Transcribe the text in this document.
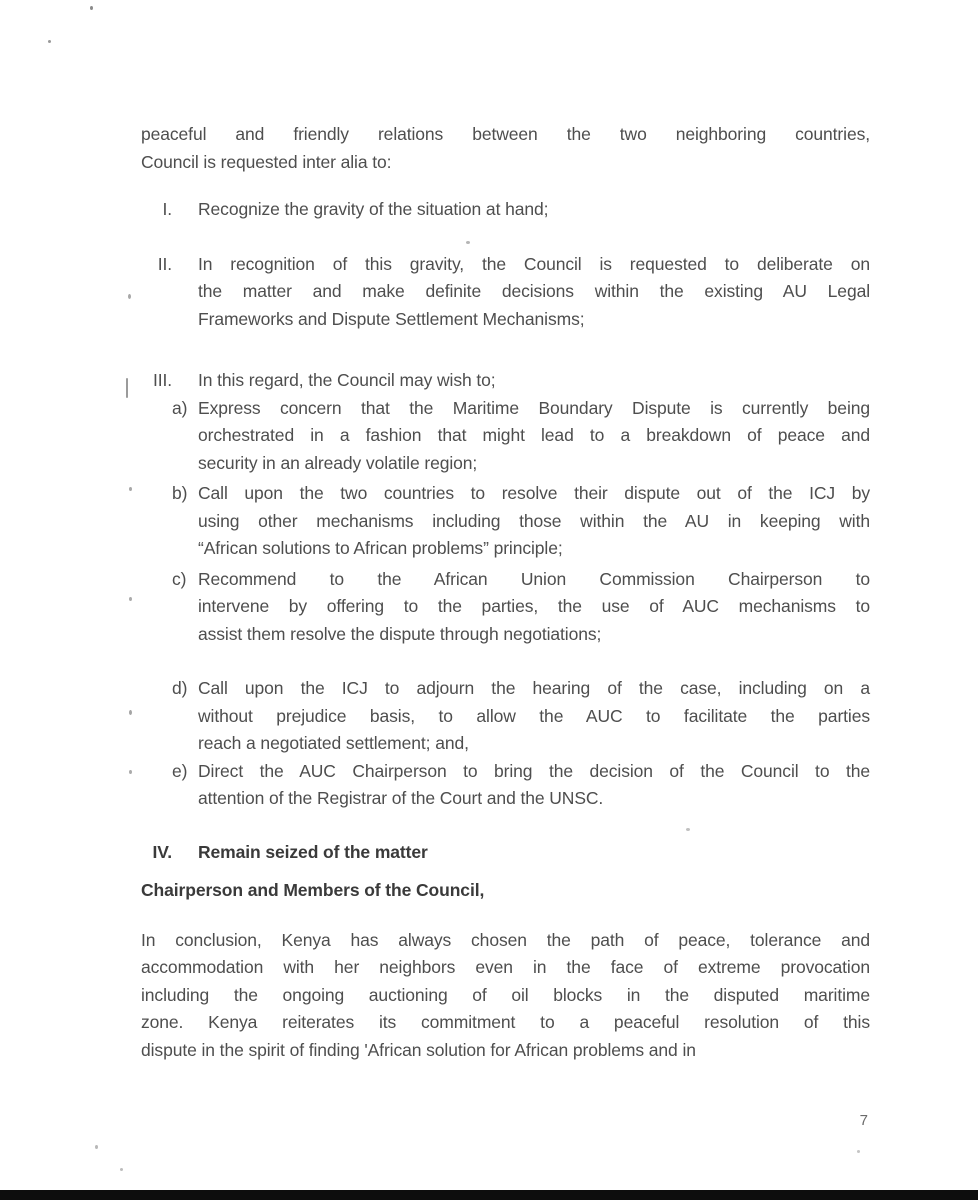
peaceful and friendly relations between the two neighboring countries,
Council is requested inter alia to:
I.	Recognize the gravity of the situation at hand;
II.	In recognition of this gravity, the Council is requested to deliberate on
the matter and make definite decisions within the existing AU Legal
Frameworks and Dispute Settlement Mechanisms;
III.	In this regard, the Council may wish to;
a) Express concern that the Maritime Boundary Dispute is currently being
orchestrated in a fashion that might lead to a breakdown of peace and
security in an already volatile region;
b) Call upon the two countries to resolve their dispute out of the ICJ by
using other mechanisms including those within the AU in keeping with
“African solutions to African problems” principle;
c) Recommend to the African Union Commission Chairperson to
intervene by offering to the parties, the use of AUC mechanisms to
assist them resolve the dispute through negotiations;
d) Call upon the ICJ to adjourn the hearing of the case, including on a
without prejudice basis, to allow the AUC to facilitate the parties
reach a negotiated settlement; and,
e) Direct the AUC Chairperson to bring the decision of the Council to the
attention of the Registrar of the Court and the UNSC.
IV.	Remain seized of the matter
Chairperson and Members of the Council,
In conclusion, Kenya has always chosen the path of peace, tolerance and
accommodation with her neighbors even in the face of extreme provocation
including the ongoing auctioning of oil blocks in the disputed maritime
zone. Kenya reiterates its commitment to a peaceful resolution of this
dispute in the spirit of finding 'African solution for African problems and in
7
